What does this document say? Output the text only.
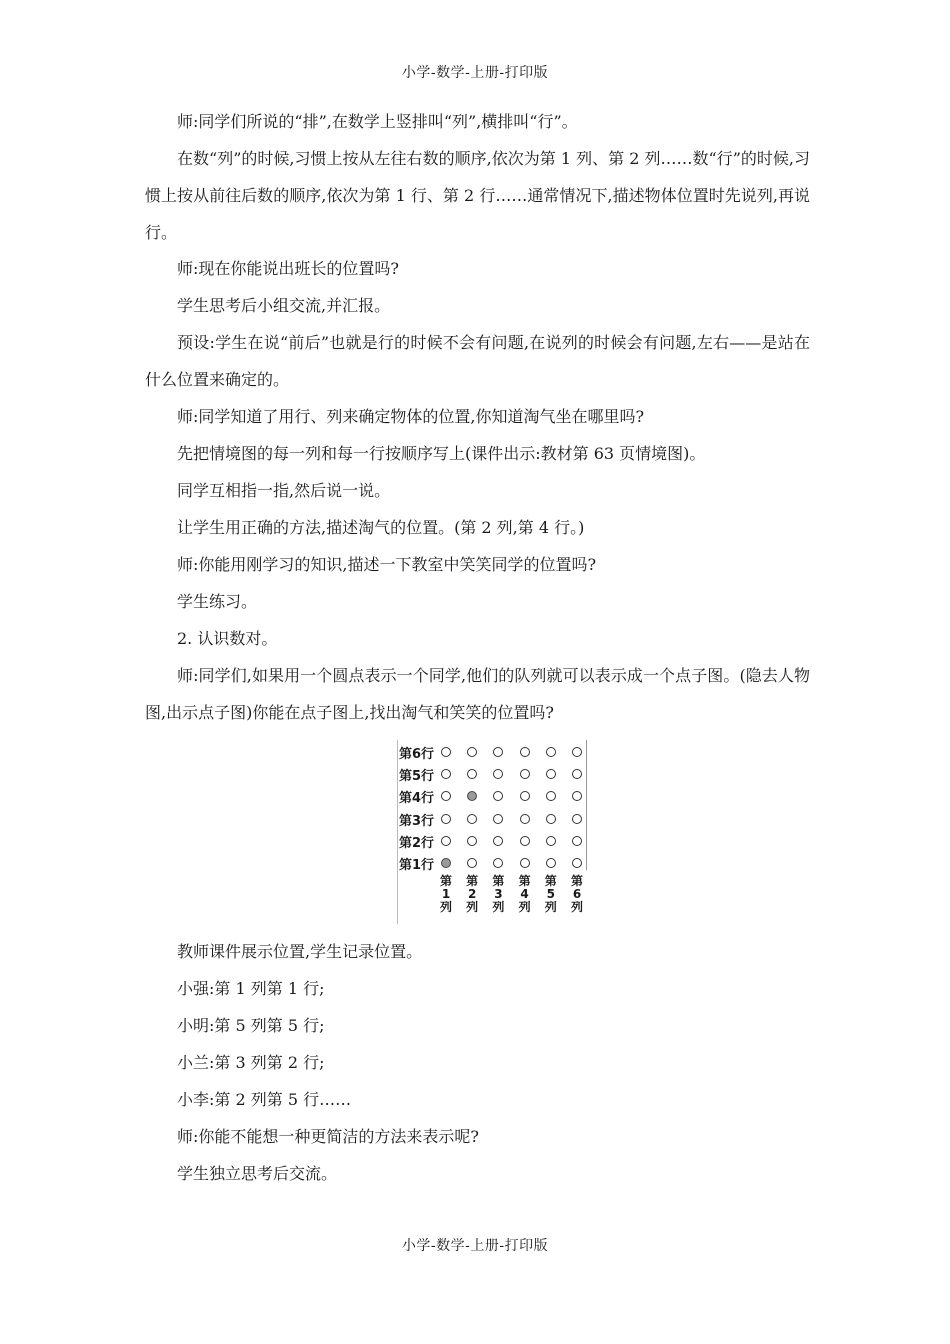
小学-数学-上册-打印版

师:同学们所说的“排”,在数学上竖排叫“列”,横排叫“行”。

在数“列”的时候,习惯上按从左往右数的顺序,依次为第 1 列、第 2 列……数“行”的时候,习惯上按从前往后数的顺序,依次为第 1 行、第 2 行……通常情况下,描述物体位置时先说列,再说行。

师:现在你能说出班长的位置吗?

学生思考后小组交流,并汇报。

预设:学生在说“前后”也就是行的时候不会有问题,在说列的时候会有问题,左右——是站在什么位置来确定的。

师:同学知道了用行、列来确定物体的位置,你知道淘气坐在哪里吗?

先把情境图的每一列和每一行按顺序写上(课件出示:教材第 63 页情境图)。

同学互相指一指,然后说一说。

让学生用正确的方法,描述淘气的位置。(第 2 列,第 4 行。)

师:你能用刚学习的知识,描述一下教室中笑笑同学的位置吗?

学生练习。

2. 认识数对。

师:同学们,如果用一个圆点表示一个同学,他们的队列就可以表示成一个点子图。(隐去人物图,出示点子图)你能在点子图上,找出淘气和笑笑的位置吗?

第6行
第5行
第4行
第3行
第2行
第1行
第
1
列
第
2
列
第
3
列
第
4
列
第
5
列
第
6
列

教师课件展示位置,学生记录位置。

小强:第 1 列第 1 行;

小明:第 5 列第 5 行;

小兰:第 3 列第 2 行;

小李:第 2 列第 5 行……

师:你能不能想一种更简洁的方法来表示呢?

学生独立思考后交流。

小学-数学-上册-打印版
